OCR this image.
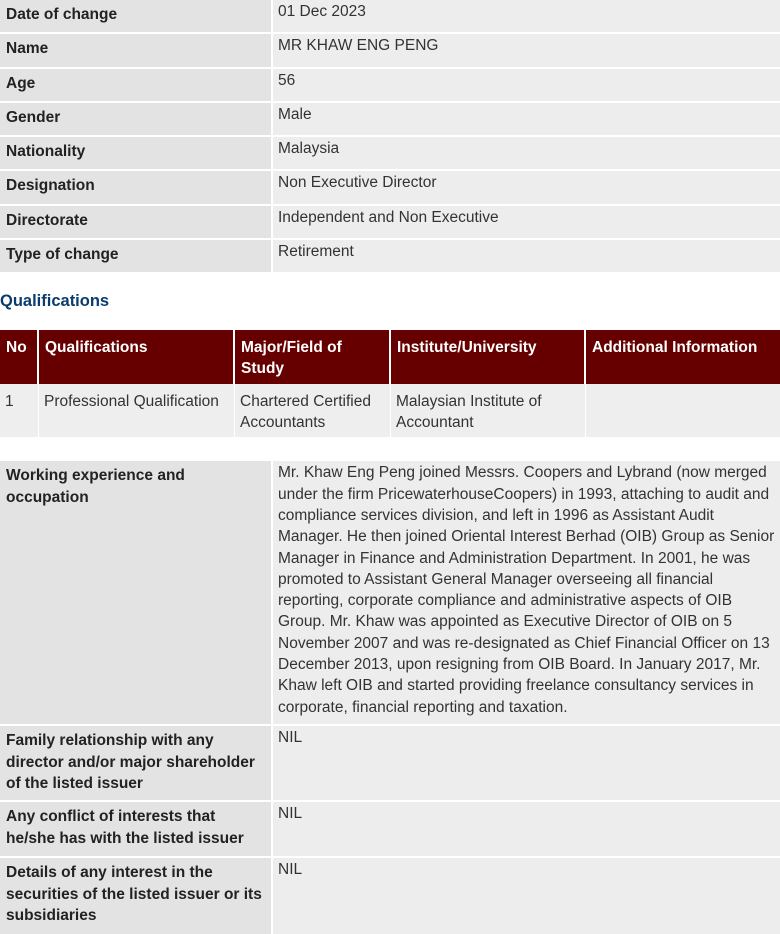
Date of change	01 Dec 2023
Name	MR KHAW ENG PENG
Age	56
Gender	Male
Nationality	Malaysia
Designation	Non Executive Director
Directorate	Independent and Non Executive
Type of change	Retirement
Qualifications
No	Qualifications	Major/Field of Study	Institute/University	Additional Information
1	Professional Qualification	Chartered Certified Accountants	Malaysian Institute of Accountant	
Working experience and occupation	Mr. Khaw Eng Peng joined Messrs. Coopers and Lybrand (now merged under the firm PricewaterhouseCoopers) in 1993, attaching to audit and compliance services division, and left in 1996 as Assistant Audit Manager. He then joined Oriental Interest Berhad (OIB) Group as Senior Manager in Finance and Administration Department. In 2001, he was promoted to Assistant General Manager overseeing all financial reporting, corporate compliance and administrative aspects of OIB Group. Mr. Khaw was appointed as Executive Director of OIB on 5 November 2007 and was re-designated as Chief Financial Officer on 13 December 2013, upon resigning from OIB Board. In January 2017, Mr. Khaw left OIB and started providing freelance consultancy services in corporate, financial reporting and taxation.
Family relationship with any director and/or major shareholder of the listed issuer	NIL
Any conflict of interests that he/she has with the listed issuer	NIL
Details of any interest in the securities of the listed issuer or its subsidiaries	NIL
